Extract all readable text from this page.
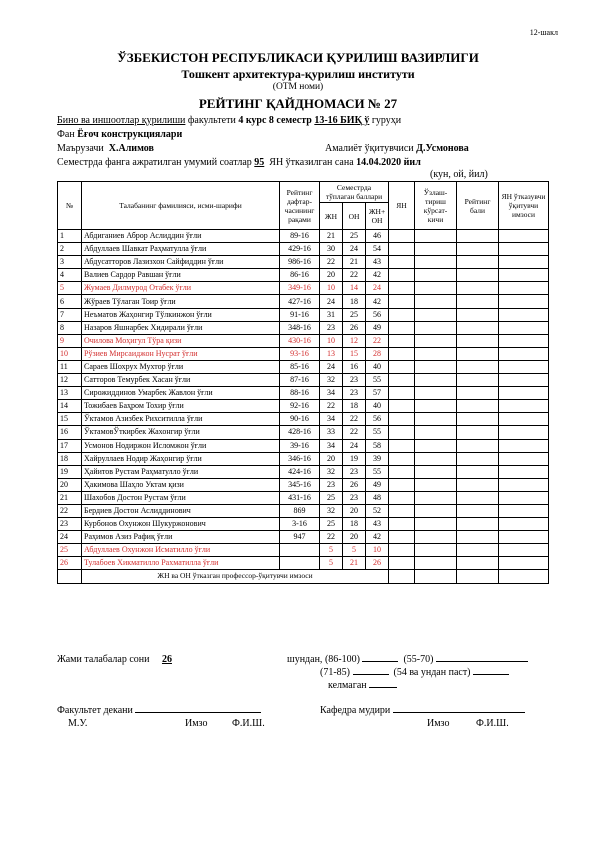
12-шакл
ЎЗБЕКИСТОН РЕСПУБЛИКАСИ ҚУРИЛИШ ВАЗИРЛИГИ
Тошкент архитектура-қурилиш институти
(ОТМ номи)
РЕЙТИНГ ҚАЙДНОМАСИ № 27
Бино ва иншоотлар қурилиши факультети 4 курс 8 семестр 13-16 БИҚ ў гуруҳи
Фан Ёғоч конструкциялари
Маърузачи Х.Алимов	Амалиёт ўқитувчиси Д.Усмонова
Семестрда фанга ажратилган умумий соатлар 95 ЯН ўтказилган сана 14.04.2020 йил
(кун, ой, йил)
№	Талабанинг фамилияси, исми-шарифи	Рейтинг дафтар-часининг рақами	Семестрда тўплаган баллари			ЯН	Ўзлаш-тириш кўрсат-кичи	Рейтинг бали	ЯН ўтказувчи ўқитувчи имзоси
			ЖН	ОН	ЖН+ ОН				
1	Абдиганиев Аброр Аслиддин ўғли	89-16	21	25	46				
2	Абдуллаев Шавкат Раҳматулла ўғли	429-16	30	24	54				
3	Абдусатторов Лазизхон Сайфиддин ўғли	986-16	22	21	43				
4	Валиев Сардор Равшан ўғли	86-16	20	22	42				
5	Жумаев Дилмурод Отабек ўғли	349-16	10	14	24				
6	Жўраев Тўлаган Тоир ўғли	427-16	24	18	42				
7	Неъматов Жаҳонгир Тўлкинжон ўғли	91-16	31	25	56				
8	Назаров Яшнарбек Хидирали ўғли	348-16	23	26	49				
9	Очилова Моҳигул Тўра қизи	430-16	10	12	22				
10	Рўзиев Мирсаиджон Нусрат ўғли	93-16	13	15	28				
11	Сараев Шохрух Мухтор ўғли	85-16	24	16	40				
12	Сатторов Темурбек Хасан ўғли	87-16	32	23	55				
13	Сирожиддинов Умарбек Жавлон ўғли	88-16	34	23	57				
14	Тожибаев Баҳром Тохир ўғли	92-16	22	18	40				
15	Ўктамов Азизбек Рихситилла ўғли	90-16	34	22	56				
16	ЎктамовЎткирбек Жахонгир ўғли	428-16	33	22	55				
17	Усмонов Нодиржон Исломжон ўғли	39-16	34	24	58				
18	Хайруллаев Нодир Жаҳонгир ўғли	346-16	20	19	39				
19	Ҳайитов Рустам Раҳматулло ўғли	424-16	32	23	55				
20	Ҳакимова Шаҳло Уктам қизи	345-16	23	26	49				
21	Шахобов Достон Рустам ўғли	431-16	25	23	48				
22	Бердиев Достон Аслиддинович	869	32	20	52				
23	Курбонов Охунжон Шукуржонович	3-16	25	18	43				
24	Раҳимов Азиз Рафиқ ўғли	947	22	20	42				
25	Абдуллаев Охунжон Исматилло ўғли		5	5	10				
26	Тулабоев Хикматилло Рахматилла ўғли		5	21	26				
	ЖН ва ОН ўтказган профессор-ўқитувчи имзоси								
Жами талабалар сони 26	шундан, (86-100)	(55-70)
(71-85)	(54 ва ундан паст)
келмаган
Факультет декани	Кафедра мудири
М.У.	Имзо Ф.И.Ш.	Имзо	Ф.И.Ш.
